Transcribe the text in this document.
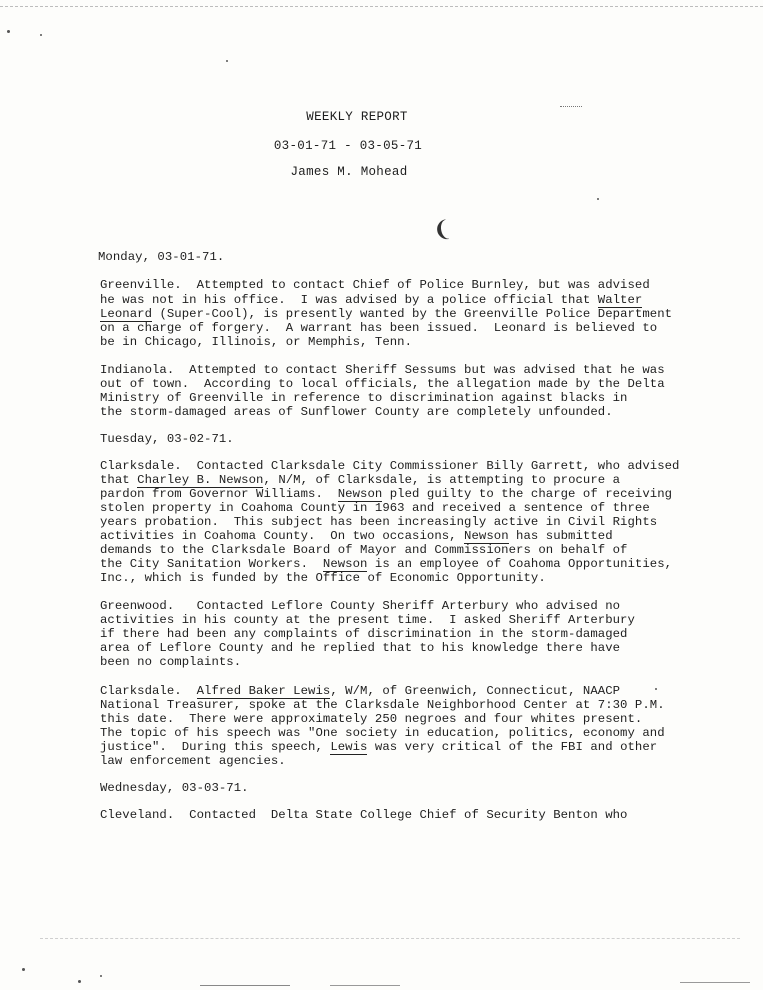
WEEKLY REPORT
03-01-71 - 03-05-71
James M. Mohead
❨
Monday, 03-01-71.
Greenville.  Attempted to contact Chief of Police Burnley, but was advised
he was not in his office.  I was advised by a police official that Walter
Leonard (Super-Cool), is presently wanted by the Greenville Police Department
on a charge of forgery.  A warrant has been issued.  Leonard is believed to
be in Chicago, Illinois, or Memphis, Tenn.
Indianola.  Attempted to contact Sheriff Sessums but was advised that he was
out of town.  According to local officials, the allegation made by the Delta
Ministry of Greenville in reference to discrimination against blacks in
the storm-damaged areas of Sunflower County are completely unfounded.
Tuesday, 03-02-71.
Clarksdale.  Contacted Clarksdale City Commissioner Billy Garrett, who advised
that Charley B. Newson, N/M, of Clarksdale, is attempting to procure a
pardon from Governor Williams.  Newson pled guilty to the charge of receiving
stolen property in Coahoma County in 1963 and received a sentence of three
years probation.  This subject has been increasingly active in Civil Rights
activities in Coahoma County.  On two occasions, Newson has submitted
demands to the Clarksdale Board of Mayor and Commissioners on behalf of
the City Sanitation Workers.  Newson is an employee of Coahoma Opportunities,
Inc., which is funded by the Office of Economic Opportunity.
Greenwood.   Contacted Leflore County Sheriff Arterbury who advised no
activities in his county at the present time.  I asked Sheriff Arterbury
if there had been any complaints of discrimination in the storm-damaged
area of Leflore County and he replied that to his knowledge there have
been no complaints.
Clarksdale.  Alfred Baker Lewis, W/M, of Greenwich, Connecticut, NAACP
National Treasurer, spoke at the Clarksdale Neighborhood Center at 7:30 P.M.
this date.  There were approximately 250 negroes and four whites present.
The topic of his speech was "One society in education, politics, economy and
justice".  During this speech, Lewis was very critical of the FBI and other
law enforcement agencies.
Wednesday, 03-03-71.
Cleveland.  Contacted  Delta State College Chief of Security Benton who
